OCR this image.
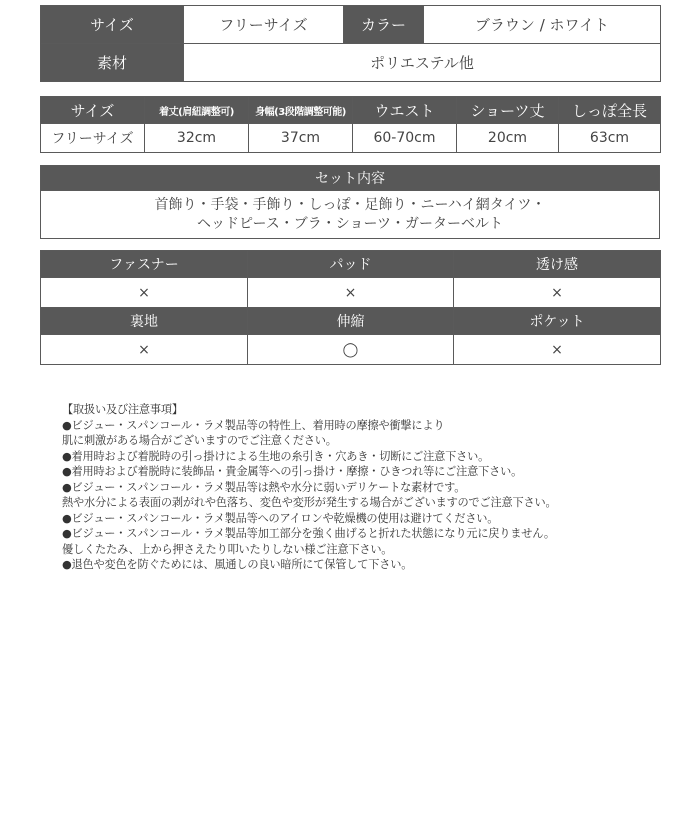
サイズ	フリーサイズ	カラー	ブラウン / ホワイト
素材	ポリエステル他		
サイズ	着丈(肩紐調整可)	身幅(3段階調整可能)	ウエスト	ショーツ丈	しっぽ全長
フリーサイズ	32cm	37cm	60-70cm	20cm	63cm
セット内容

首飾り・手袋・手飾り・しっぽ・足飾り・ニーハイ網タイツ・
ヘッドピース・ブラ・ショーツ・ガーターベルト
ファスナー	パッド	透け感
×	×	×
裏地	伸縮	ポケット
×	◯	×
【取扱い及び注意事項】
●ビジュー・スパンコール・ラメ製品等の特性上、着用時の摩擦や衝撃により
肌に刺激がある場合がございますのでご注意ください。
●着用時および着脱時の引っ掛けによる生地の糸引き・穴あき・切断にご注意下さい。
●着用時および着脱時に装飾品・貴金属等への引っ掛け・摩擦・ひきつれ等にご注意下さい。
●ビジュー・スパンコール・ラメ製品等は熱や水分に弱いデリケートな素材です。
熱や水分による表面の剥がれや色落ち、変色や変形が発生する場合がございますのでご注意下さい。
●ビジュー・スパンコール・ラメ製品等へのアイロンや乾燥機の使用は避けてください。
●ビジュー・スパンコール・ラメ製品等加工部分を強く曲げると折れた状態になり元に戻りません。
優しくたたみ、上から押さえたり叩いたりしない様ご注意下さい。
●退色や変色を防ぐためには、風通しの良い暗所にて保管して下さい。
